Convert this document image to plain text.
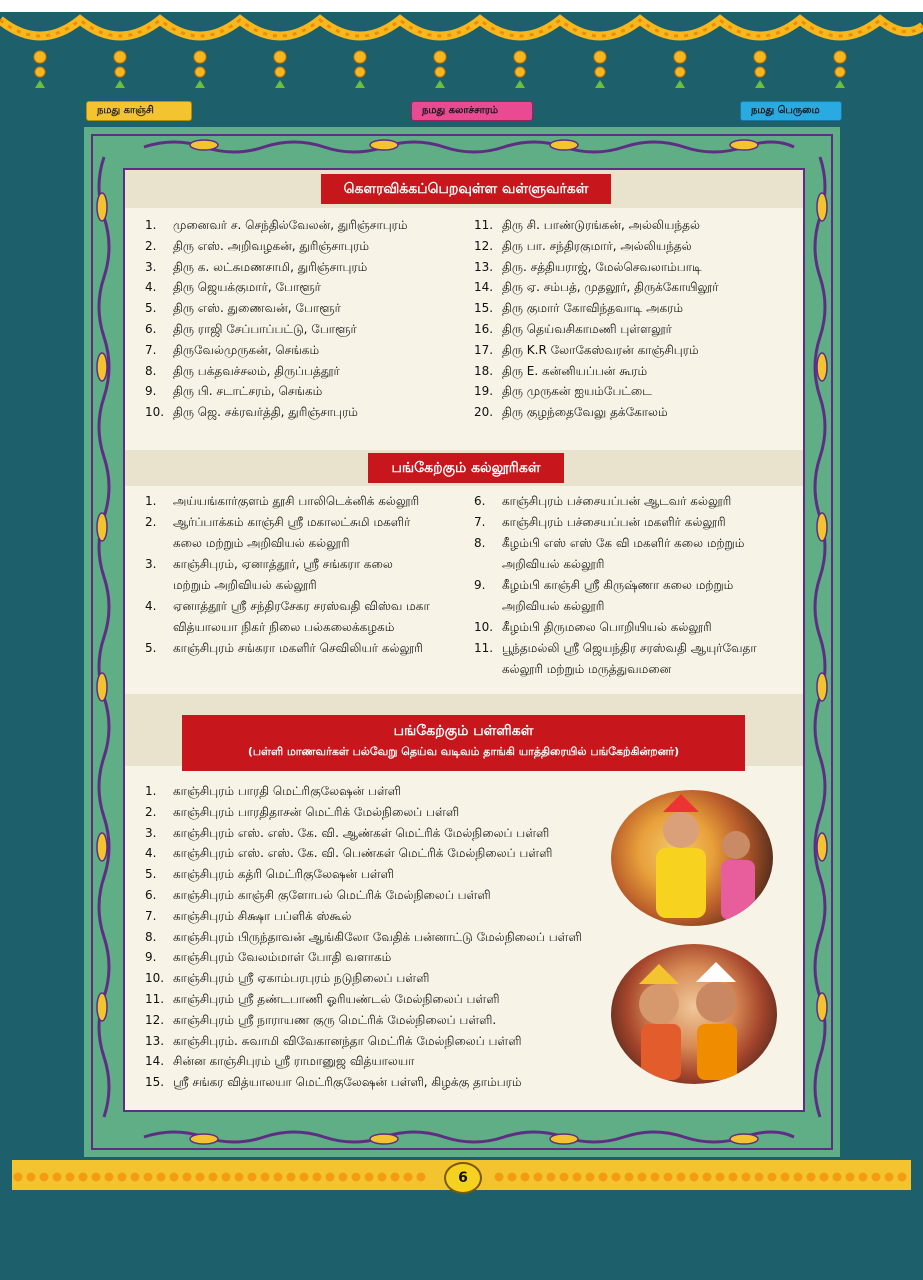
நமது காஞ்சி	நமது கலாச்சாரம்	நமது பெருமை
கௌரவிக்கப்பெறவுள்ள வள்ளுவர்கள்
1. முனைவர் ச. செந்தில்வேலன், துரிஞ்சாபுரம்
2. திரு எஸ். அறிவழகன், துரிஞ்சாபுரம்
3. திரு க. லட்சுமணசாமி, துரிஞ்சாபுரம்
4. திரு ஜெயக்குமார், போளூர்
5. திரு எஸ். துணைவன், போளூர்
6. திரு ராஜி சேப்பாப்பட்டு, போளூர்
7. திருவேல்முருகன், செங்கம்
8. திரு பக்தவச்சலம், திருப்பத்தூர்
9. திரு பி. சடாட்சரம், செங்கம்
10. திரு ஜெ. சக்ரவர்த்தி, துரிஞ்சாபுரம்
11. திரு சி. பாண்டுரங்கன், அல்லியந்தல்
12. திரு பா. சந்திரகுமார், அல்லியந்தல்
13. திரு. சத்தியராஜ், மேல்செவலாம்பாடி
14. திரு ஏ. சம்பத், முதலூர், திருக்கோயிலூர்
15. திரு குமார் கோவிந்தவாடி அகரம்
16. திரு தெய்வசிகாமணி புள்ளலூர்
17. திரு K.R லோகேஸ்வரன் காஞ்சிபுரம்
18. திரு E. கன்னியப்பன் கூரம்
19. திரு முருகன் ஐயம்பேட்டை
20. திரு குழந்தைவேலு தக்கோலம்
பங்கேற்கும் கல்லூரிகள்
1. அய்யங்கார்குளம் தூசி பாலிடெக்னிக் கல்லூரி
2. ஆர்ப்பாக்கம் காஞ்சி ஸ்ரீ மகாலட்சுமி மகளிர்
கலை மற்றும் அறிவியல் கல்லூரி
3. காஞ்சிபுரம், ஏனாத்தூர், ஸ்ரீ சங்கரா கலை
மற்றும் அறிவியல் கல்லூரி
4. ஏனாத்தூர் ஸ்ரீ சந்திரசேகர சரஸ்வதி விஸ்வ மகா
வித்யாலயா நிகர் நிலை பல்கலைக்கழகம்
5. காஞ்சிபுரம் சங்கரா மகளிர் செவிலியர் கல்லூரி
6. காஞ்சிபுரம் பச்சையப்பன் ஆடவர் கல்லூரி
7. காஞ்சிபுரம் பச்சையப்பன் மகளிர் கல்லூரி
8. கீழம்பி எஸ் எஸ் கே வி மகளிர் கலை மற்றும்
அறிவியல் கல்லூரி
9. கீழம்பி காஞ்சி ஸ்ரீ கிருஷ்ணா கலை மற்றும்
அறிவியல் கல்லூரி
10. கீழம்பி திருமலை பொறியியல் கல்லூரி
11. பூந்தமல்லி ஸ்ரீ ஜெயந்திர சரஸ்வதி ஆயுர்வேதா
கல்லூரி மற்றும் மருத்துவமனை
பங்கேற்கும் பள்ளிகள்
(பள்ளி மாணவர்கள் பல்வேறு தெய்வ வடிவம் தாங்கி யாத்திரையில் பங்கேற்கின்றனர்)
1. காஞ்சிபுரம் பாரதி மெட்ரிகுலேஷன் பள்ளி
2. காஞ்சிபுரம் பாரதிதாசன் மெட்ரிக் மேல்நிலைப் பள்ளி
3. காஞ்சிபுரம் எஸ். எஸ். கே. வி. ஆண்கள் மெட்ரிக் மேல்நிலைப் பள்ளி
4. காஞ்சிபுரம் எஸ். எஸ். கே. வி. பெண்கள் மெட்ரிக் மேல்நிலைப் பள்ளி
5. காஞ்சிபுரம் கத்ரி மெட்ரிகுலேஷன் பள்ளி
6. காஞ்சிபுரம் காஞ்சி குளோபல் மெட்ரிக் மேல்நிலைப் பள்ளி
7. காஞ்சிபுரம் சிக்ஷா பப்ளிக் ஸ்கூல்
8. காஞ்சிபுரம் பிருந்தாவன் ஆங்கிலோ வேதிக் பன்னாட்டு மேல்நிலைப் பள்ளி
9. காஞ்சிபுரம் வேலம்மாள் போதி வளாகம்
10. காஞ்சிபுரம் ஸ்ரீ ஏகாம்பரபுரம் நடுநிலைப் பள்ளி
11. காஞ்சிபுரம் ஸ்ரீ தண்டபாணி ஓரியண்டல் மேல்நிலைப் பள்ளி
12. காஞ்சிபுரம் ஸ்ரீ நாராயண குரு மெட்ரிக் மேல்நிலைப் பள்ளி.
13. காஞ்சிபுரம். சுவாமி விவேகானந்தா மெட்ரிக் மேல்நிலைப் பள்ளி
14. சின்ன காஞ்சிபுரம் ஸ்ரீ ராமானுஜ வித்யாலயா
15. ஸ்ரீ சங்கர வித்யாலயா மெட்ரிகுலேஷன் பள்ளி, கிழக்கு தாம்பரம்
6
